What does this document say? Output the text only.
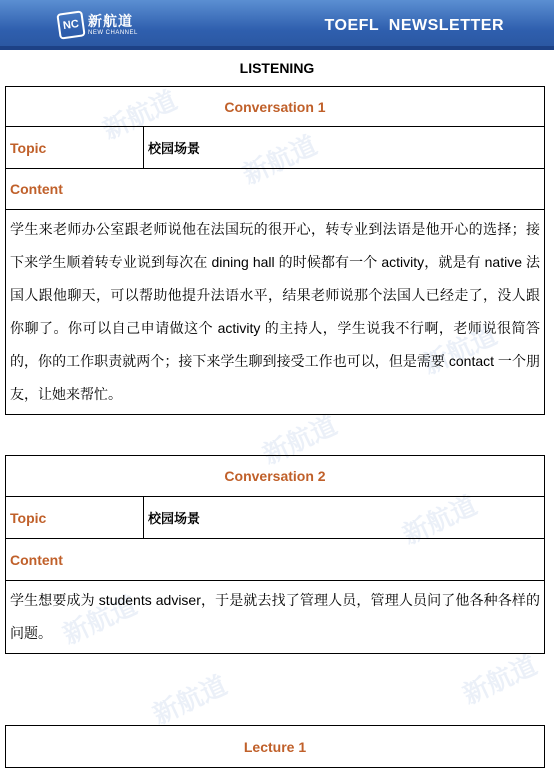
新航道
新航道
新航道
新航道
新航道
新航道
新航道	新航道
NC 新航道
NEW CHANNEL	TOEFL  NEWSLETTER
LISTENING
Conversation 1
Topic	校园场景
Content
学生来老师办公室跟老师说他在法国玩的很开心，转专业到法语是他开心的选择；接下来学生顺着转专业说到每次在 dining hall 的时候都有一个 activity，就是有 native 法国人跟他聊天，可以帮助他提升法语水平，结果老师说那个法国人已经走了，没人跟你聊了。你可以自己申请做这个 activity 的主持人，学生说我不行啊，老师说很简答的，你的工作职责就两个；接下来学生聊到接受工作也可以，但是需要 contact 一个朋友，让她来帮忙。
Conversation 2
Topic	校园场景
Content
学生想要成为 students adviser，于是就去找了管理人员，管理人员问了他各种各样的问题。
Lecture 1
